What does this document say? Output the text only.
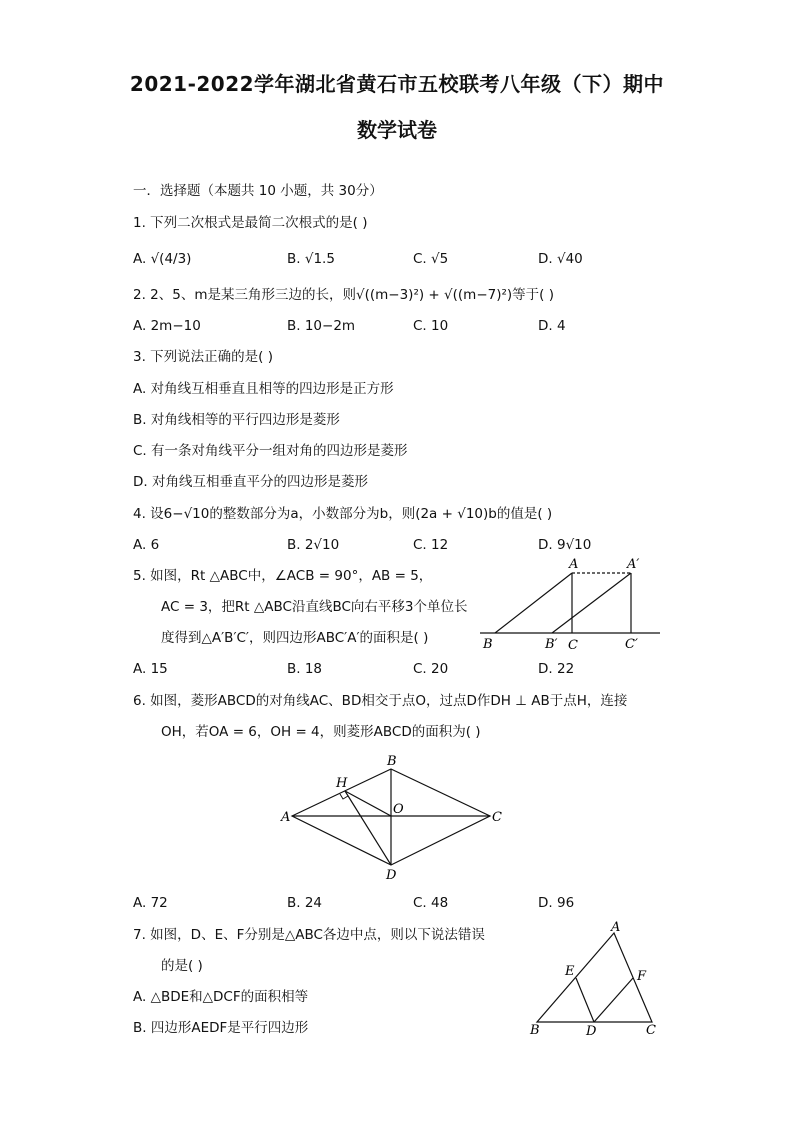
2021-2022学年湖北省黄石市五校联考八年级（下）期中
数学试卷
一．选择题（本题共 10 小题，共 30分）
1. 下列二次根式是最简二次根式的是( )
A. √(4/3)	B. √1.5	C. √5	D. √40
2. 2、5、m是某三角形三边的长，则√((m−3)²) + √((m−7)²)等于( )
A. 2m−10	B. 10−2m	C. 10	D. 4
3. 下列说法正确的是( )
A. 对角线互相垂直且相等的四边形是正方形
B. 对角线相等的平行四边形是菱形
C. 有一条对角线平分一组对角的四边形是菱形
D. 对角线互相垂直平分的四边形是菱形
4. 设6−√10的整数部分为a，小数部分为b，则(2a + √10)b的值是( )
A. 6	B. 2√10	C. 12	D. 9√10
5. 如图，Rt △ABC中，∠ACB = 90°，AB = 5，
AC = 3，把Rt △ABC沿直线BC向右平移3个单位长
度得到△A′B′C′，则四边形ABC′A′的面积是( )
A. 15	B. 18	C. 20	D. 22
A	A′
B	B′ C	C′
6. 如图，菱形ABCD的对角线AC、BD相交于点O，过点D作DH ⊥ AB于点H，连接
OH，若OA = 6，OH = 4，则菱形ABCD的面积为( )
A
B
C
D
H
O
A. 72	B. 24	C. 48	D. 96
7. 如图，D、E、F分别是△ABC各边中点，则以下说法错误
的是( )
A. △BDE和△DCF的面积相等
B. 四边形AEDF是平行四边形
A
B	C
D
E	F
